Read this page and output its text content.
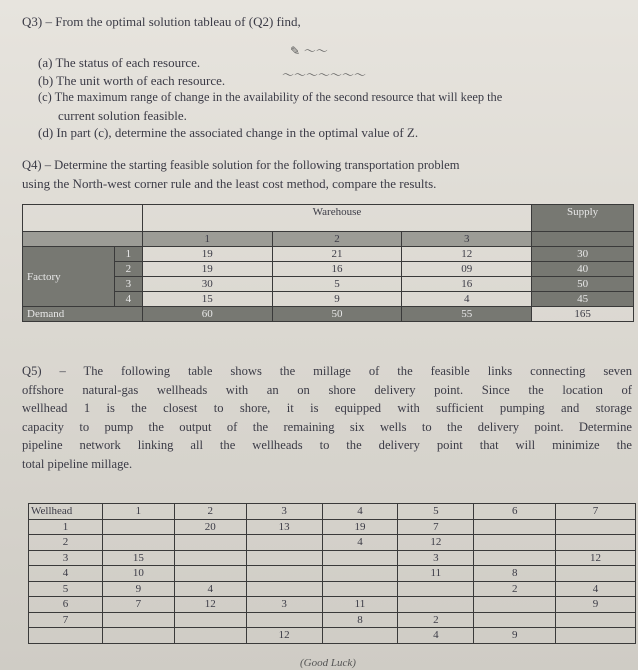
Q3) – From the optimal solution tableau of (Q2) find,
✎ ～～
(a) The status of each resource.
～～～～～～～
(b) The unit worth of each resource.
(c) The maximum range of change in the availability of the second resource that will keep the
current solution feasible.
(d) In part (c), determine the associated change in the optimal value of Z.
Q4) – Determine the starting feasible solution for the following transportation problem
using the North-west corner rule and the least cost method, compare the results.
		Warehouse			Supply
		1	2	3	
Factory	1	19	21	12	30
	2	19	16	09	40
	3	30	5	16	50
	4	15	9	4	45
Demand		60	50	55	165
Q5) – The following table shows the millage of the feasible links connecting seven
offshore natural-gas wellheads with an on shore delivery point. Since the location of
wellhead 1 is the closest to shore, it is equipped with sufficient pumping and storage
capacity to pump the output of the remaining six wells to the delivery point. Determine
pipeline network linking all the wellheads to the delivery point that will minimize the
total pipeline millage.
Wellhead	1	2	3	4	5	6	7
1		20	13	19	7		
2				4	12		
3	15				3		12
4	10				11	8	
5	9	4				2	4
6	7	12	3	11			9
7				8	2		
			12		4	9	
(Good Luck)
